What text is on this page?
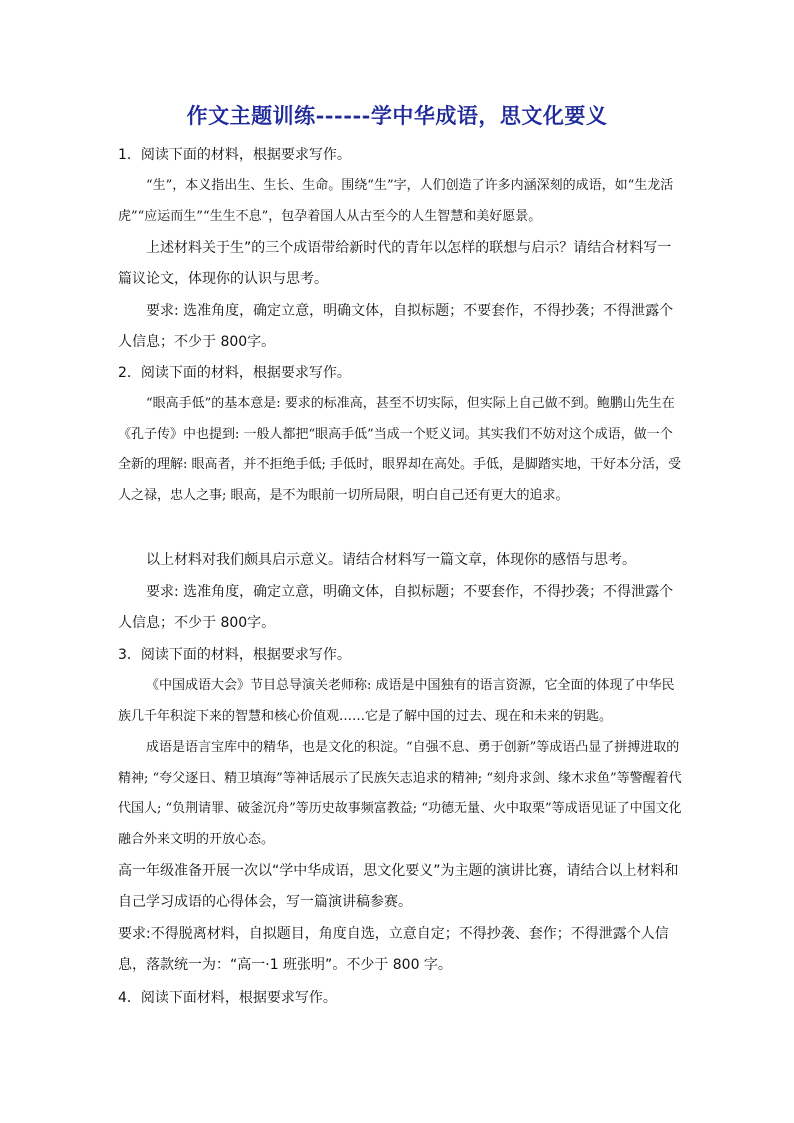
作文主题训练------学中华成语，思文化要义
1．阅读下面的材料，根据要求写作。
“生”，本义指出生、生长、生命。围绕“生”字，人们创造了许多内涵深刻的成语，如“生龙活虎”“应运而生”“生生不息”，包孕着国人从古至今的人生智慧和美好愿景。
上述材料关于生”的三个成语带给新时代的青年以怎样的联想与启示？请结合材料写一篇议论文，体现你的认识与思考。
要求: 选准角度，确定立意，明确文体，自拟标题；不要套作，不得抄袭；不得泄露个人信息；不少于 800字。
2．阅读下面的材料，根据要求写作。
“眼高手低”的基本意是: 要求的标准高，甚至不切实际，但实际上自己做不到。鲍鹏山先生在《孔子传》中也提到: 一般人都把“眼高手低”当成一个贬义词。其实我们不妨对这个成语，做一个全新的理解: 眼高者，并不拒绝手低; 手低时，眼界却在高处。手低，是脚踏实地，干好本分活，受人之禄，忠人之事; 眼高，是不为眼前一切所局限，明白自己还有更大的追求。
以上材料对我们颇具启示意义。请结合材料写一篇文章，体现你的感悟与思考。
要求: 选准角度，确定立意，明确文体，自拟标题；不要套作，不得抄袭；不得泄露个人信息；不少于 800字。
3．阅读下面的材料，根据要求写作。
《中国成语大会》节目总导演关老师称: 成语是中国独有的语言资源，它全面的体现了中华民族几千年积淀下来的智慧和核心价值观……它是了解中国的过去、现在和未来的钥匙。
成语是语言宝库中的精华，也是文化的积淀。“自强不息、勇于创新”等成语凸显了拼搏进取的精神; “夸父逐日、精卫填海”等神话展示了民族矢志追求的精神; “刻舟求剑、缘木求鱼”等警醒着代代国人; “负荆请罪、破釜沉舟”等历史故事频富教益; “功德无量、火中取栗”等成语见证了中国文化融合外来文明的开放心态。
高一年级准备开展一次以“学中华成语，思文化要义”为主题的演讲比赛，请结合以上材料和自己学习成语的心得体会，写一篇演讲稿参赛。
要求:不得脱离材料，自拟题目，角度自选，立意自定；不得抄袭、套作；不得泄露个人信息，落款统一为：“高一·1 班张明”。不少于 800 字。
4．阅读下面材料，根据要求写作。
